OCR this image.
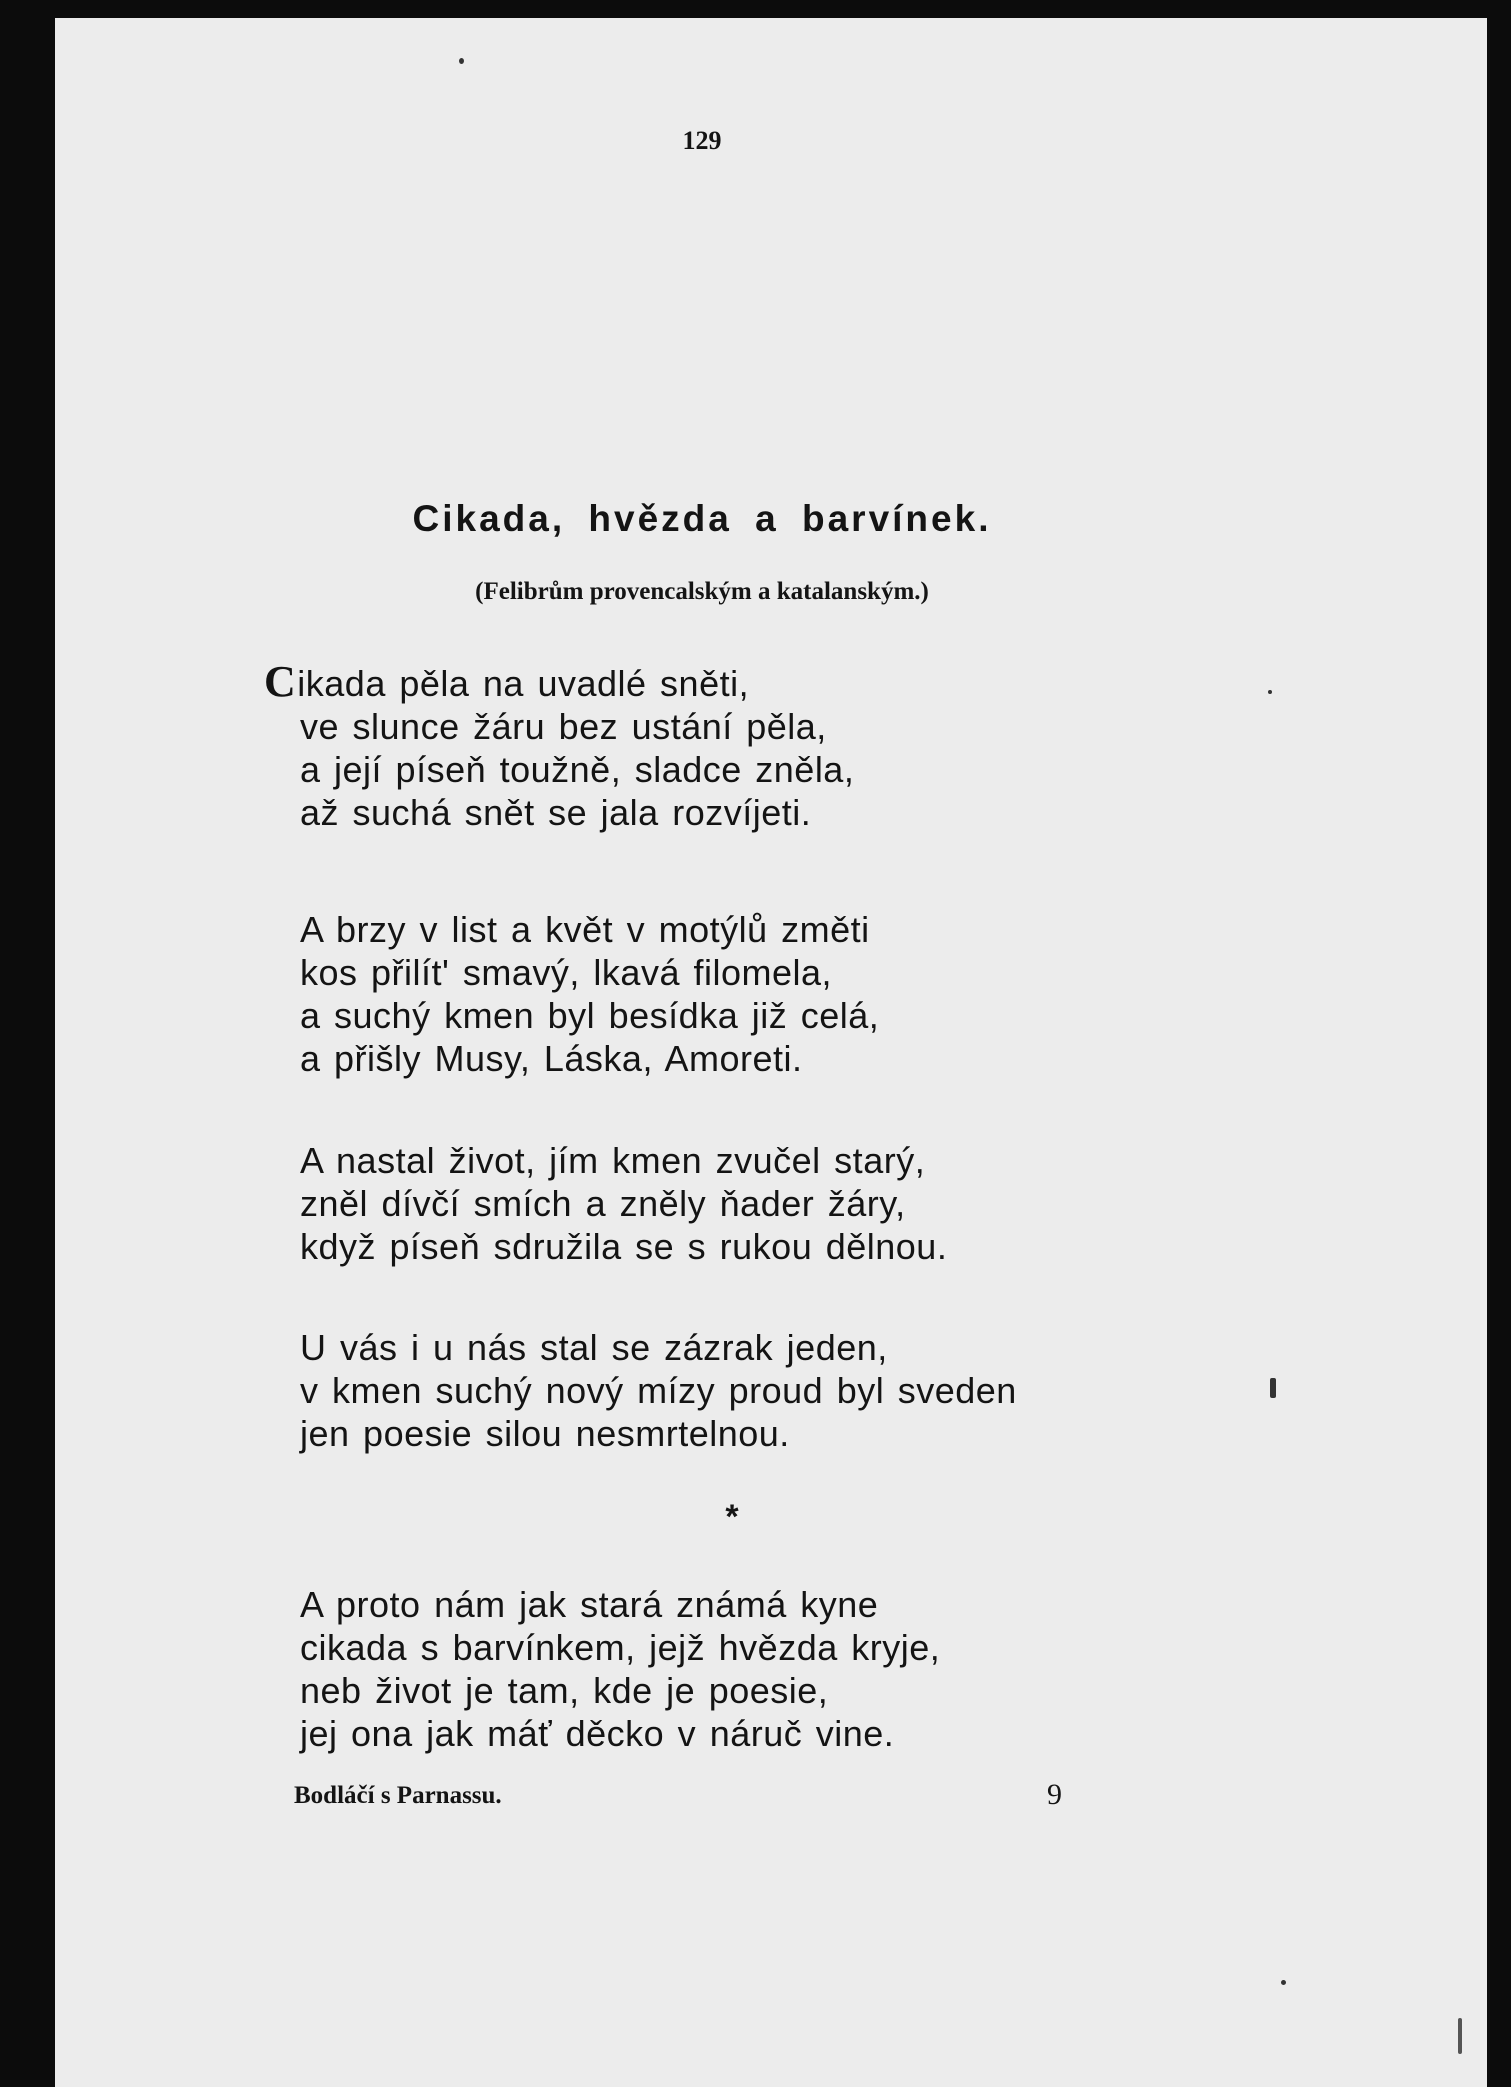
129
Cikada, hvězda a barvínek.
(Felibrům provencalským a katalanským.)
Cikada pěla na uvadlé sněti,
ve slunce žáru bez ustání pěla,
a její píseň toužně, sladce zněla,
až suchá snět se jala rozvíjeti.
A brzy v list a květ v motýlů změti
kos přilít' smavý, lkavá filomela,
a suchý kmen byl besídka již celá,
a přišly Musy, Láska, Amoreti.
A nastal život, jím kmen zvučel starý,
zněl dívčí smích a zněly ňader žáry,
když píseň sdružila se s rukou dělnou.
U vás i u nás stal se zázrak jeden,
v kmen suchý nový mízy proud byl sveden
jen poesie silou nesmrtelnou.
*
A proto nám jak stará známá kyne
cikada s barvínkem, jejž hvězda kryje,
neb život je tam, kde je poesie,
jej ona jak máť děcko v náruč vine.
Bodláčí s Parnassu.	9
